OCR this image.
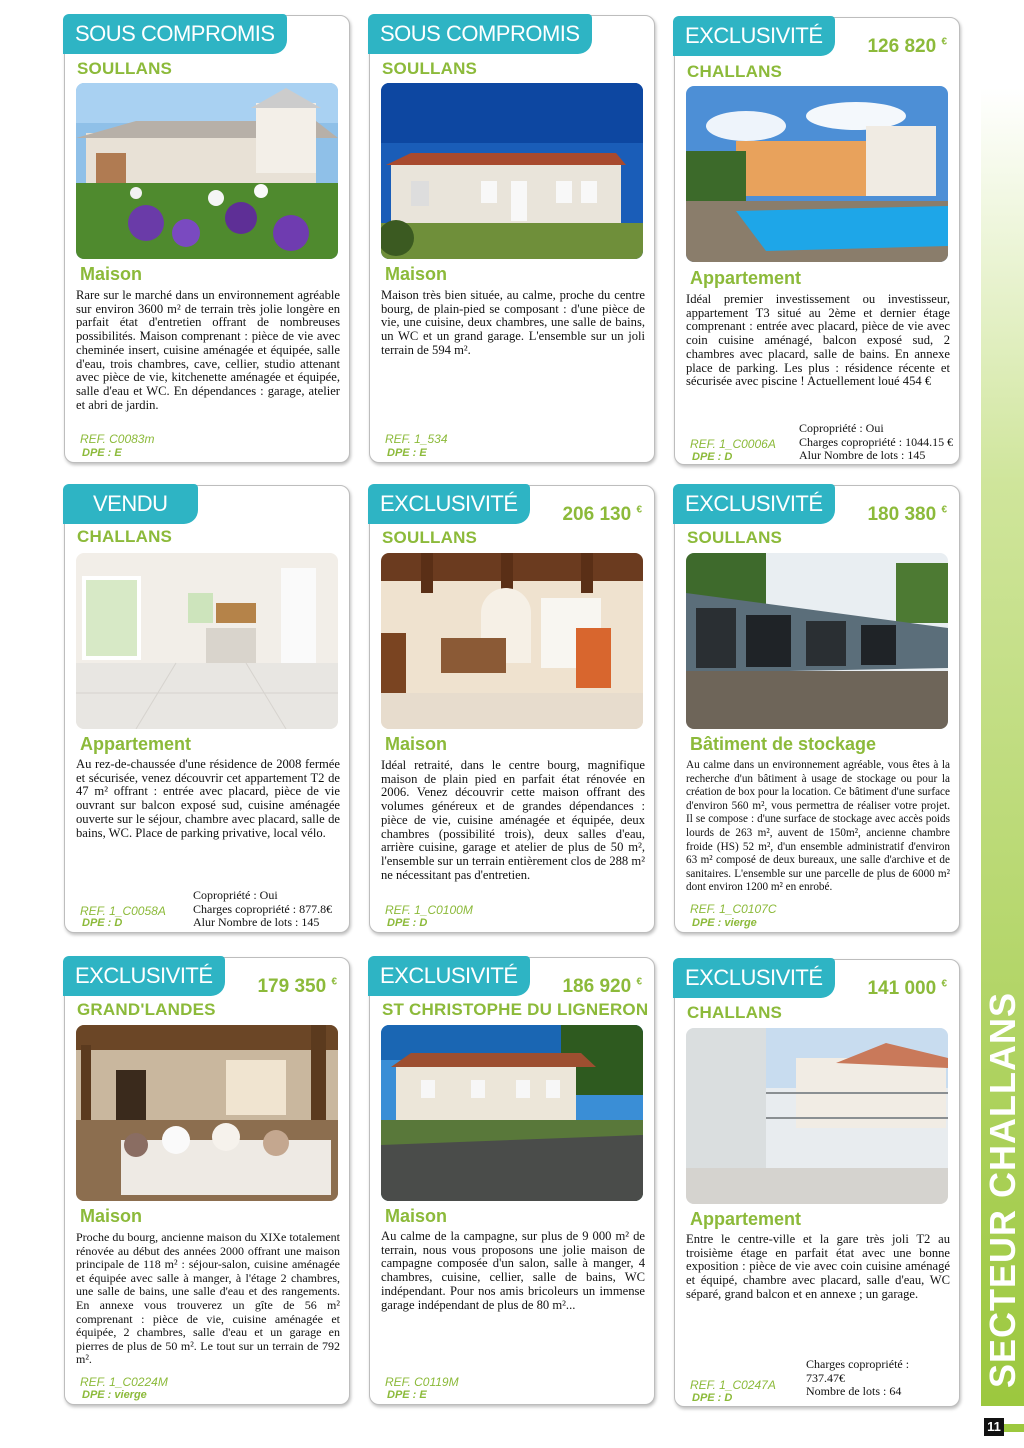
SOUS COMPROMIS
SOULLANS
Maison
Rare sur le marché dans un environnement agréable sur environ 3600 m² de terrain très jolie longère en parfait état d'entretien offrant de nombreuses possibilités. Maison comprenant : pièce de vie avec cheminée insert, cuisine aménagée et équipée, salle d'eau, trois chambres, cave, cellier, studio attenant avec pièce de vie, kitchenette aménagée et équipée, salle d'eau et WC. En dépendances : garage, atelier et abri de jardin.
REF. C0083m
DPE : E
SOUS COMPROMIS
SOULLANS
Maison
Maison très bien située, au calme, proche du centre bourg, de plain-pied se composant : d'une pièce de vie, une cuisine, deux chambres, une salle de bains, un WC et un grand garage. L'ensemble sur un joli terrain de 594 m².
REF. 1_534
DPE : E
EXCLUSIVITÉ	126 820 €
CHALLANS
Appartement
Idéal premier investissement ou investisseur, appartement T3 situé au 2ème et dernier étage comprenant : entrée avec placard, pièce de vie avec coin cuisine aménagé, balcon exposé sud, 2 chambres avec placard, salle de bains. En annexe place de parking. Les plus : résidence récente et sécurisée avec piscine ! Actuellement loué 454 €
Copropriété : Oui
Charges copropriété : 1044.15 €
Alur Nombre de lots : 145
REF. 1_C0006A
DPE : D
VENDU
CHALLANS
Appartement
Au rez-de-chaussée d'une résidence de 2008 fermée et sécurisée, venez découvrir cet appartement T2 de 47 m² offrant : entrée avec placard, pièce de vie ouvrant sur balcon exposé sud, cuisine aménagée ouverte sur le séjour, chambre avec placard, salle de bains, WC. Place de parking privative, local vélo.
Copropriété : Oui
Charges copropriété : 877.8€
Alur Nombre de lots : 145
REF. 1_C0058A
DPE : D
EXCLUSIVITÉ	206 130 €
SOULLANS
Maison
Idéal retraité, dans le centre bourg, magnifique maison de plain pied en parfait état rénovée en 2006. Venez découvrir cette maison offrant des volumes généreux et de grandes dépendances : pièce de vie, cuisine aménagée et équipée, deux chambres (possibilité trois), deux salles d'eau, arrière cuisine, garage et atelier de plus de 50 m², l'ensemble sur un terrain entièrement clos de 288 m² ne nécessitant pas d'entretien.
REF. 1_C0100M
DPE : D
EXCLUSIVITÉ	180 380 €
SOULLANS
Bâtiment de stockage
Au calme dans un environnement agréable, vous êtes à la recherche d'un bâtiment à usage de stockage ou pour la création de box pour la location. Ce bâtiment d'une surface d'environ 560 m², vous permettra de réaliser votre projet. Il se compose : d'une surface de stockage avec accès poids lourds de 263 m², auvent de 150m², ancienne chambre froide (HS) 52 m², d'un ensemble administratif d'environ 63 m² composé de deux bureaux, une salle d'archive et de sanitaires. L'ensemble sur une parcelle de plus de 6000 m² dont environ 1200 m² en enrobé.
REF. 1_C0107C
DPE : vierge
EXCLUSIVITÉ	179 350 €
GRAND'LANDES
Maison
Proche du bourg, ancienne maison du XIXe totalement rénovée au début des années 2000 offrant une maison principale de 118 m² : séjour-salon, cuisine aménagée et équipée avec salle à manger, à l'étage 2 chambres, une salle de bains, une salle d'eau et des rangements. En annexe vous trouverez un gîte de 56 m² comprenant : pièce de vie, cuisine aménagée et équipée, 2 chambres, salle d'eau et un garage en pierres de plus de 50 m². Le tout sur un terrain de 792 m².
REF. 1_C0224M
DPE : vierge
EXCLUSIVITÉ	186 920 €
ST CHRISTOPHE DU LIGNERON
Maison
Au calme de la campagne, sur plus de 9 000 m² de terrain, nous vous proposons une jolie maison de campagne composée d'un salon, salle à manger, 4 chambres, cuisine, cellier, salle de bains, WC indépendant. Pour nos amis bricoleurs un immense garage indépendant de plus de 80 m²...
REF. C0119M
DPE : E
EXCLUSIVITÉ	141 000 €
CHALLANS
Appartement
Entre le centre-ville et la gare très joli T2 au troisième étage en parfait état avec une bonne exposition : pièce de vie avec coin cuisine aménagé et équipé, chambre avec placard, salle d'eau, WC séparé, grand balcon et en annexe ; un garage.
Charges copropriété :
737.47€
Nombre de lots : 64
REF. 1_C0247A
DPE : D
SECTEUR CHALLANS
11
